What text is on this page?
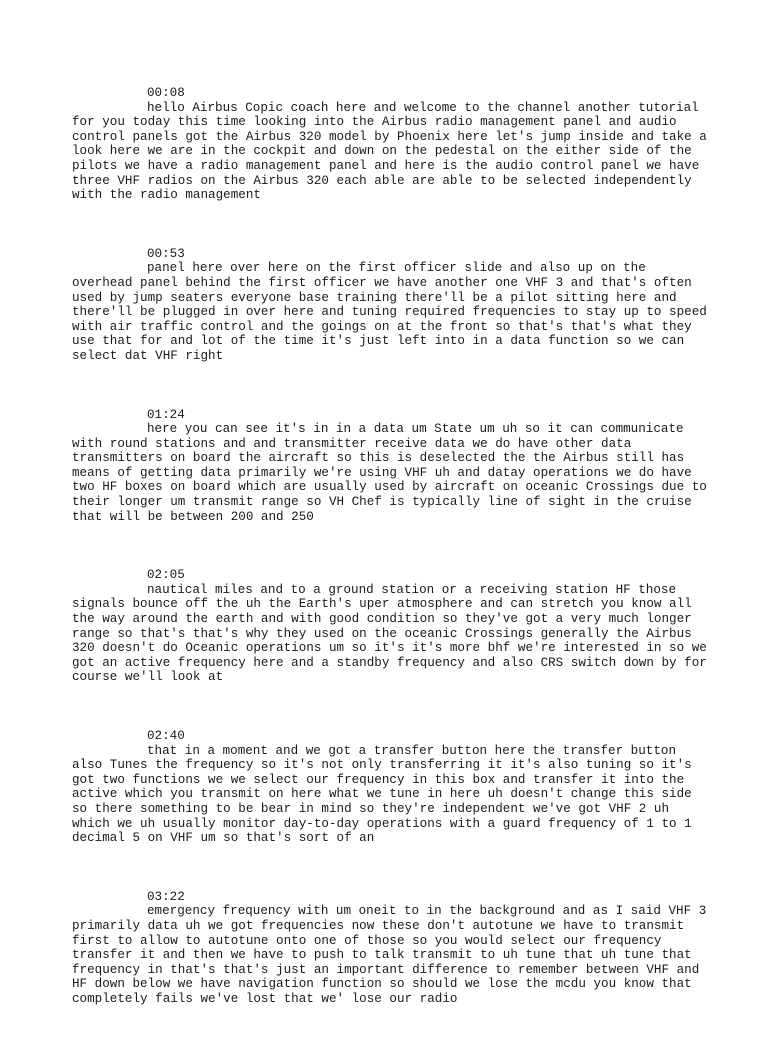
00:08
hello Airbus Copic coach here and welcome to the channel another tutorial for you today this time looking into the Airbus radio management panel and audio control panels got the Airbus 320 model by Phoenix here let's jump inside and take a look here we are in the cockpit and down on the pedestal on the either side of the pilots we have a radio management panel and here is the audio control panel we have three VHF radios on the Airbus 320 each able are able to be selected independently with the radio management
00:53
panel here over here on the first officer slide and also up on the overhead panel behind the first officer we have another one VHF 3 and that's often used by jump seaters everyone base training there'll be a pilot sitting here and there'll be plugged in over here and tuning required frequencies to stay up to speed with air traffic control and the goings on at the front so that's that's what they use that for and lot of the time it's just left into in a data function so we can select dat VHF right
01:24
here you can see it's in in a data um State um uh so it can communicate with round stations and and transmitter receive data we do have other data transmitters on board the aircraft so this is deselected the the Airbus still has means of getting data primarily we're using VHF uh and datay operations we do have two HF boxes on board which are usually used by aircraft on oceanic Crossings due to their longer um transmit range so VH Chef is typically line of sight in the cruise that will be between 200 and 250
02:05
nautical miles and to a ground station or a receiving station HF those signals bounce off the uh the Earth's uper atmosphere and can stretch you know all the way around the earth and with good condition so they've got a very much longer range so that's that's why they used on the oceanic Crossings generally the Airbus 320 doesn't do Oceanic operations um so it's it's more bhf we're interested in so we got an active frequency here and a standby frequency and also CRS switch down by for course we'll look at
02:40
that in a moment and we got a transfer button here the transfer button also Tunes the frequency so it's not only transferring it it's also tuning so it's got two functions we we select our frequency in this box and transfer it into the active which you transmit on here what we tune in here uh doesn't change this side so there something to be bear in mind so they're independent we've got VHF 2 uh which we uh usually monitor day-to-day operations with a guard frequency of 1 to 1 decimal 5 on VHF um so that's sort of an
03:22
emergency frequency with um oneit to in the background and as I said VHF 3 primarily data uh we got frequencies now these don't autotune we have to transmit first to allow to autotune onto one of those so you would select our frequency transfer it and then we have to push to talk transmit to uh tune that uh tune that frequency in that's that's just an important difference to remember between VHF and HF down below we have navigation function so should we lose the mcdu you know that completely fails we've lost that we' lose our radio
